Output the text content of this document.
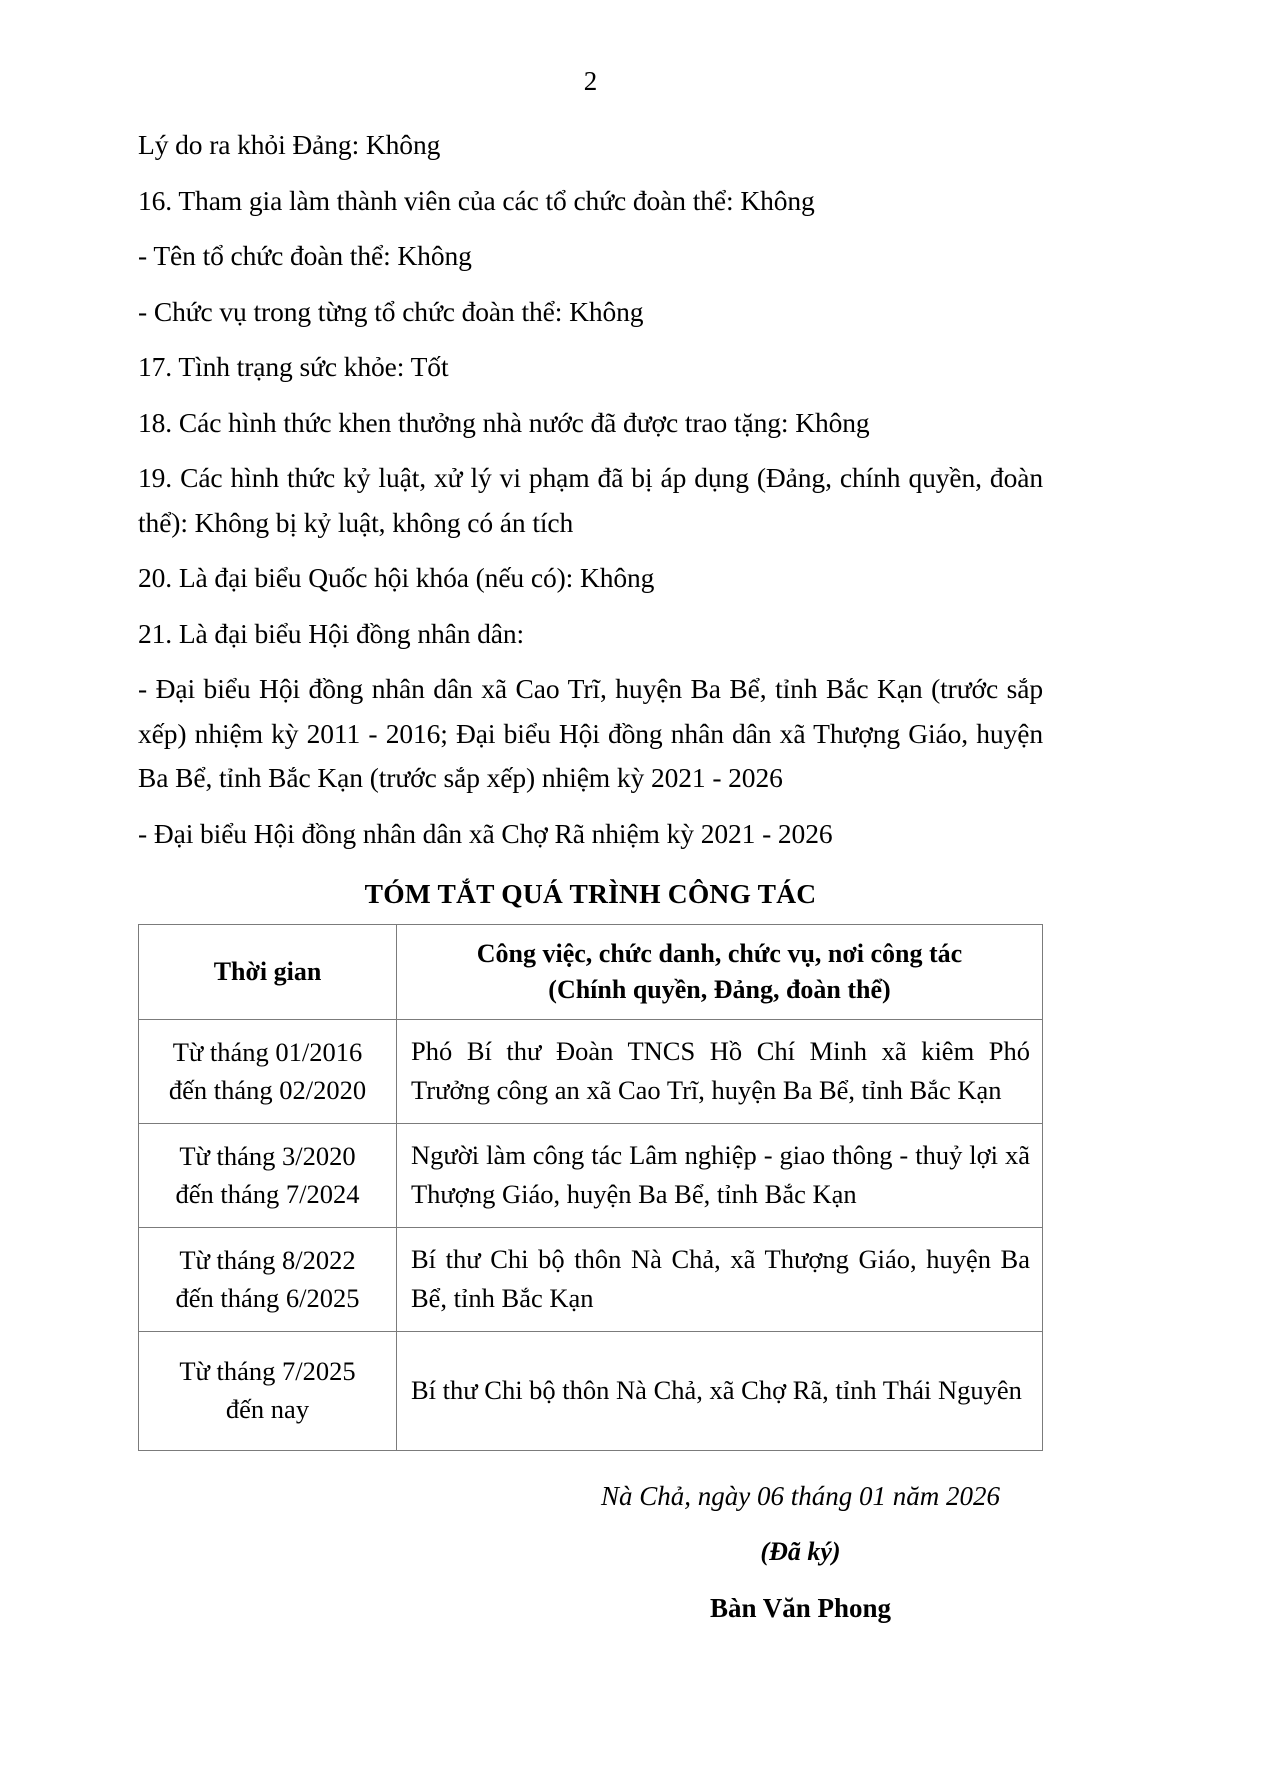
2

Lý do ra khỏi Đảng: Không

16. Tham gia làm thành viên của các tổ chức đoàn thể: Không

- Tên tổ chức đoàn thể: Không

- Chức vụ trong từng tổ chức đoàn thể: Không

17. Tình trạng sức khỏe: Tốt

18. Các hình thức khen thưởng nhà nước đã được trao tặng: Không

19. Các hình thức kỷ luật, xử lý vi phạm đã bị áp dụng (Đảng, chính quyền, đoàn thể): Không bị kỷ luật, không có án tích

20. Là đại biểu Quốc hội khóa (nếu có): Không

21. Là đại biểu Hội đồng nhân dân:

- Đại biểu Hội đồng nhân dân xã Cao Trĩ, huyện Ba Bể, tỉnh Bắc Kạn (trước sắp xếp) nhiệm kỳ 2011 - 2016; Đại biểu Hội đồng nhân dân xã Thượng Giáo, huyện Ba Bể, tỉnh Bắc Kạn (trước sắp xếp) nhiệm kỳ 2021 - 2026

- Đại biểu Hội đồng nhân dân xã Chợ Rã nhiệm kỳ 2021 - 2026

TÓM TẮT QUÁ TRÌNH CÔNG TÁC
Thời gian	Công việc, chức danh, chức vụ, nơi công tác
(Chính quyền, Đảng, đoàn thể)

Từ tháng 01/2016
đến tháng 02/2020	Phó Bí thư Đoàn TNCS Hồ Chí Minh xã kiêm Phó Trưởng công an xã Cao Trĩ, huyện Ba Bể, tỉnh Bắc Kạn

Từ tháng 3/2020
đến tháng 7/2024	Người làm công tác Lâm nghiệp - giao thông - thuỷ lợi xã Thượng Giáo, huyện Ba Bể, tỉnh Bắc Kạn

Từ tháng 8/2022
đến tháng 6/2025	Bí thư Chi bộ thôn Nà Chả, xã Thượng Giáo, huyện Ba Bể, tỉnh Bắc Kạn

Từ tháng 7/2025
đến nay	Bí thư Chi bộ thôn Nà Chả, xã Chợ Rã, tỉnh Thái Nguyên
Nà Chả, ngày 06 tháng 01 năm 2026
(Đã ký)
Bàn Văn Phong
